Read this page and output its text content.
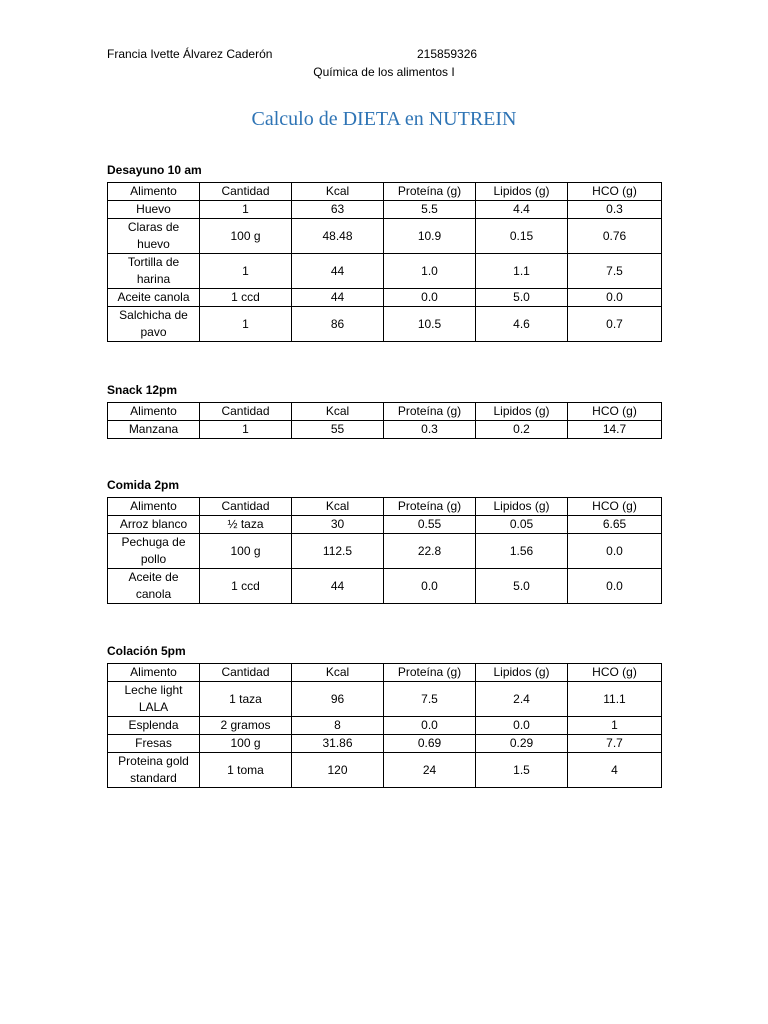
Francia Ivette Álvarez Caderón	215859326
Química de los alimentos I
Calculo de DIETA en NUTREIN
Desayuno 10 am
Alimento	Cantidad	Kcal	Proteína (g)	Lipidos (g)	HCO (g)
Huevo	1	63	5.5	4.4	0.3
Claras de huevo	100 g	48.48	10.9	0.15	0.76
Tortilla de harina	1	44	1.0	1.1	7.5
Aceite canola	1 ccd	44	0.0	5.0	0.0
Salchicha de pavo	1	86	10.5	4.6	0.7
Snack 12pm
Alimento	Cantidad	Kcal	Proteína (g)	Lipidos (g)	HCO (g)
Manzana	1	55	0.3	0.2	14.7
Comida 2pm
Alimento	Cantidad	Kcal	Proteína (g)	Lipidos (g)	HCO (g)
Arroz blanco	½ taza	30	0.55	0.05	6.65
Pechuga de pollo	100 g	112.5	22.8	1.56	0.0
Aceite de canola	1 ccd	44	0.0	5.0	0.0
Colación 5pm
Alimento	Cantidad	Kcal	Proteína (g)	Lipidos (g)	HCO (g)
Leche light LALA	1 taza	96	7.5	2.4	11.1
Esplenda	2 gramos	8	0.0	0.0	1
Fresas	100 g	31.86	0.69	0.29	7.7
Proteina gold standard	1 toma	120	24	1.5	4
